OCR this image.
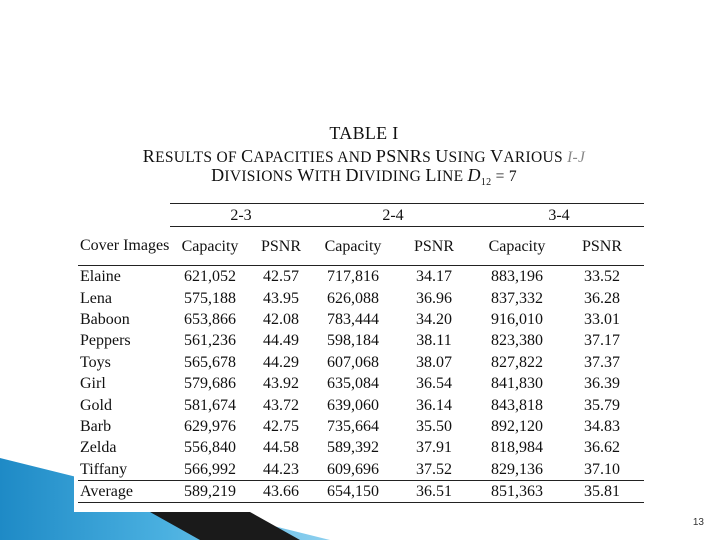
TABLE I
RESULTS OF CAPACITIES AND PSNRS USING VARIOUS I-J
DIVISIONS WITH DIVIDING LINE $D_{12} = 7$
	2-3		2-4		3-4	
Cover Images	Capacity	PSNR	Capacity	PSNR	Capacity	PSNR
Elaine	621,052	42.57	717,816	34.17	883,196	33.52
Lena	575,188	43.95	626,088	36.96	837,332	36.28
Baboon	653,866	42.08	783,444	34.20	916,010	33.01
Peppers	561,236	44.49	598,184	38.11	823,380	37.17
Toys	565,678	44.29	607,068	38.07	827,822	37.37
Girl	579,686	43.92	635,084	36.54	841,830	36.39
Gold	581,674	43.72	639,060	36.14	843,818	35.79
Barb	629,976	42.75	735,664	35.50	892,120	34.83
Zelda	556,840	44.58	589,392	37.91	818,984	36.62
Tiffany	566,992	44.23	609,696	37.52	829,136	37.10
Average	589,219	43.66	654,150	36.51	851,363	35.81
13
